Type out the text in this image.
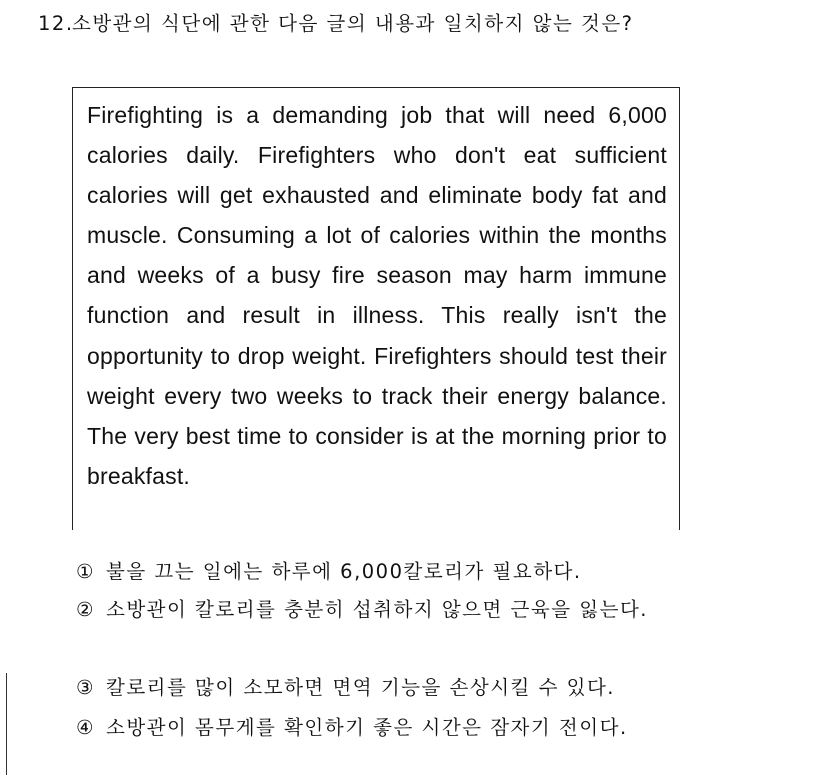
12.소방관의 식단에 관한 다음 글의 내용과 일치하지 않는 것은?

Firefighting is a demanding job that will need 6,000 calories daily. Firefighters who don't eat sufficient calories will get exhausted and eliminate body fat and muscle. Consuming a lot of calories within the months and weeks of a busy fire season may harm immune function and result in illness. This really isn't the opportunity to drop weight. Firefighters should test their weight every two weeks to track their energy balance. The very best time to consider is at the morning prior to breakfast.

① 불을 끄는 일에는 하루에 6,000칼로리가 필요하다.
② 소방관이 칼로리를 충분히 섭취하지 않으면 근육을 잃는다.
③ 칼로리를 많이 소모하면 면역 기능을 손상시킬 수 있다.
④ 소방관이 몸무게를 확인하기 좋은 시간은 잠자기 전이다.
